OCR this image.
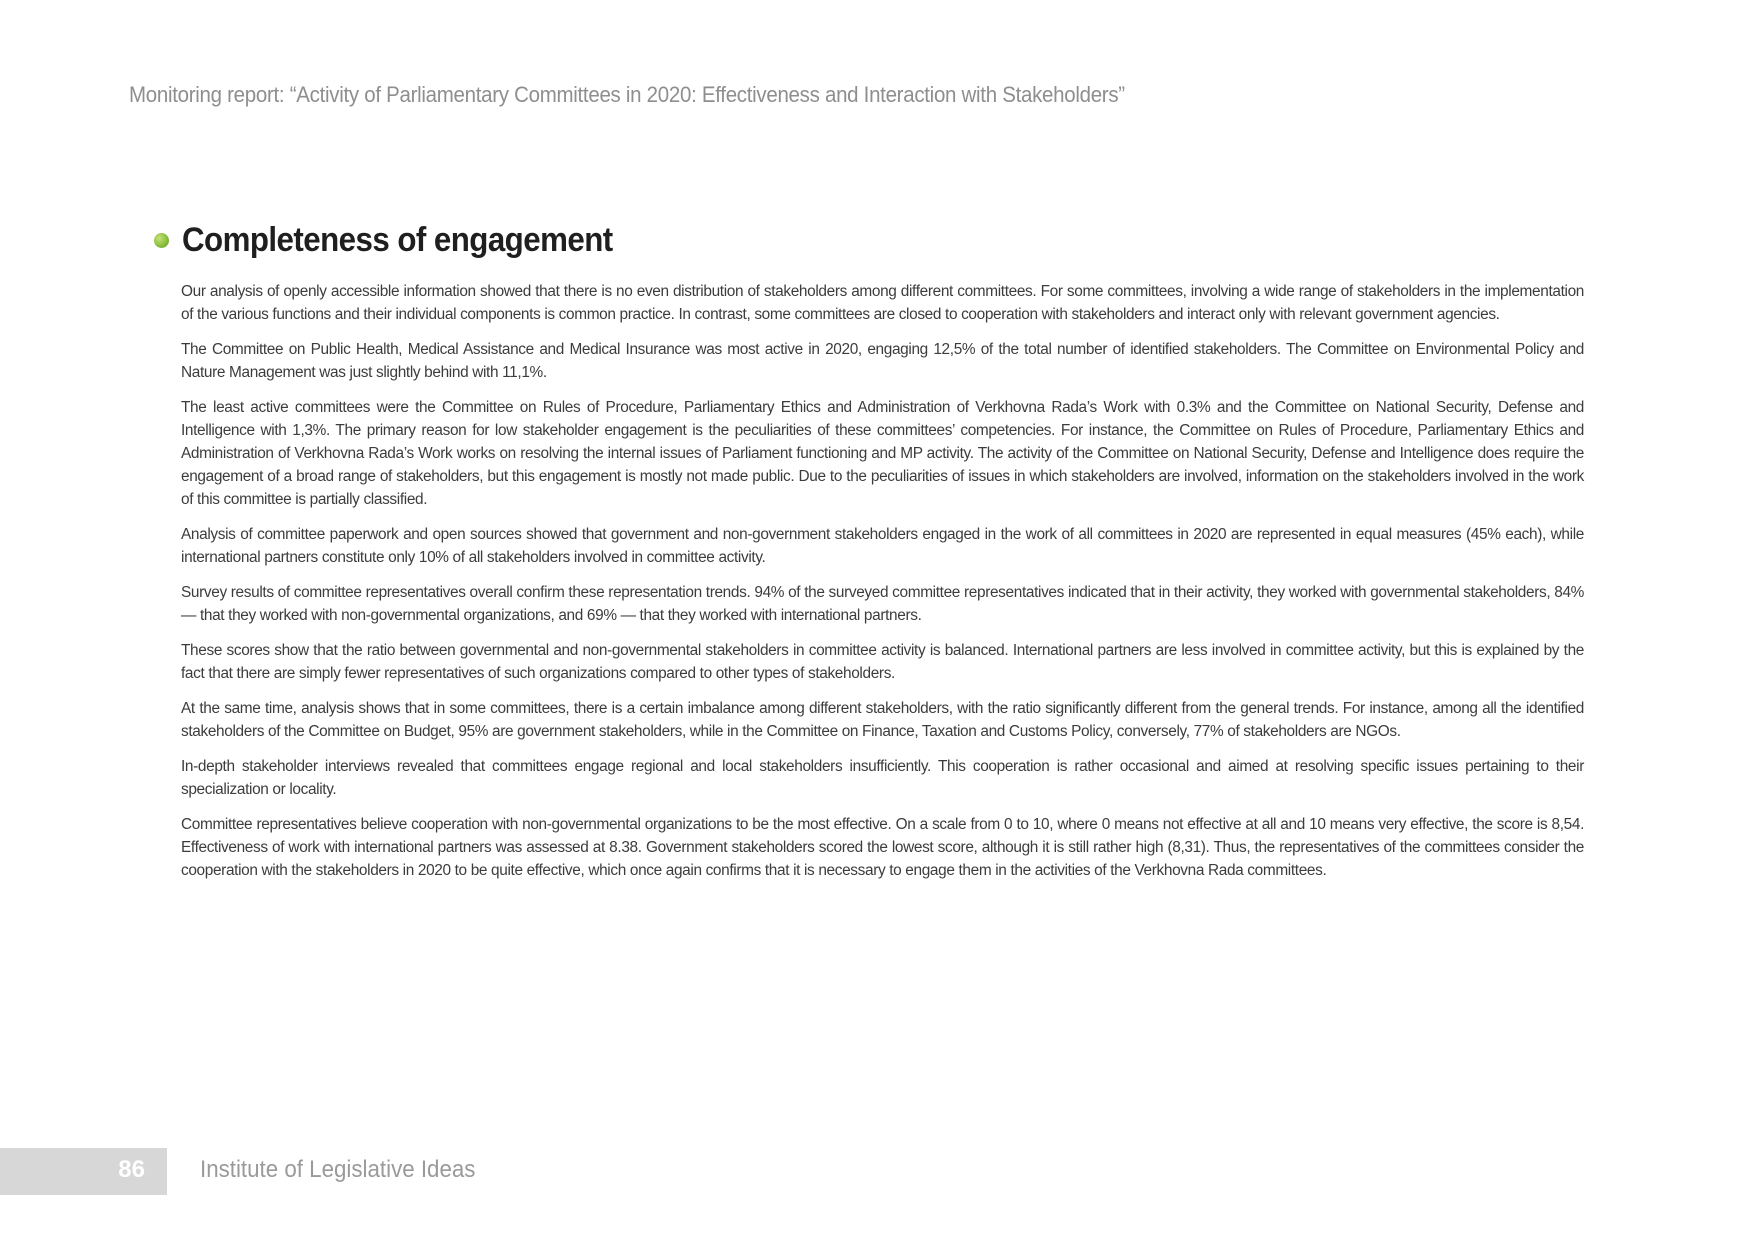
Monitoring report: “Activity of Parliamentary Committees in 2020: Effectiveness and Interaction with Stakeholders”
Completeness of engagement

Our analysis of openly accessible information showed that there is no even distribution of stakeholders among different committees. For some committees, involving a wide range of stakeholders in the implementation of the various functions and their individual components is common practice. In contrast, some committees are closed to cooperation with stakeholders and interact only with relevant government agencies.

The Committee on Public Health, Medical Assistance and Medical Insurance was most active in 2020, engaging 12,5% of the total number of identified stakeholders. The Committee on Environmental Policy and Nature Management was just slightly behind with 11,1%.

The least active committees were the Committee on Rules of Procedure, Parliamentary Ethics and Administration of Verkhovna Rada’s Work with 0.3% and the Committee on National Security, Defense and Intelligence with 1,3%. The primary reason for low stakeholder engagement is the peculiarities of these committees’ competencies. For instance, the Committee on Rules of Procedure, Parliamentary Ethics and Administration of Verkhovna Rada’s Work works on resolving the internal issues of Parliament functioning and MP activity. The activity of the Committee on National Security, Defense and Intelligence does require the engagement of a broad range of stakeholders, but this engagement is mostly not made public. Due to the peculiarities of issues in which stakeholders are involved, information on the stakeholders involved in the work of this committee is partially classified.

Analysis of committee paperwork and open sources showed that government and non-government stakeholders engaged in the work of all committees in 2020 are represented in equal measures (45% each), while international partners constitute only 10% of all stakeholders involved in committee activity.

Survey results of committee representatives overall confirm these representation trends. 94% of the surveyed committee representatives indicated that in their activity, they worked with governmental stakeholders, 84% — that they worked with non-governmental organizations, and 69% — that they worked with international partners.

These scores show that the ratio between governmental and non-governmental stakeholders in committee activity is balanced. International partners are less involved in committee activity, but this is explained by the fact that there are simply fewer representatives of such organizations compared to other types of stakeholders.

At the same time, analysis shows that in some committees, there is a certain imbalance among different stakeholders, with the ratio significantly different from the general trends. For instance, among all the identified stakeholders of the Committee on Budget, 95% are government stakeholders, while in the Committee on Finance, Taxation and Customs Policy, conversely, 77% of stakeholders are NGOs.

In-depth stakeholder interviews revealed that committees engage regional and local stakeholders insufficiently. This cooperation is rather occasional and aimed at resolving specific issues pertaining to their specialization or locality.

Committee representatives believe cooperation with non-governmental organizations to be the most effective. On a scale from 0 to 10, where 0 means not effective at all and 10 means very effective, the score is 8,54. Effectiveness of work with international partners was assessed at 8.38. Government stakeholders scored the lowest score, although it is still rather high (8,31). Thus, the representatives of the committees consider the cooperation with the stakeholders in 2020 to be quite effective, which once again confirms that it is necessary to engage them in the activities of the Verkhovna Rada committees.

86 Institute of Legislative Ideas
